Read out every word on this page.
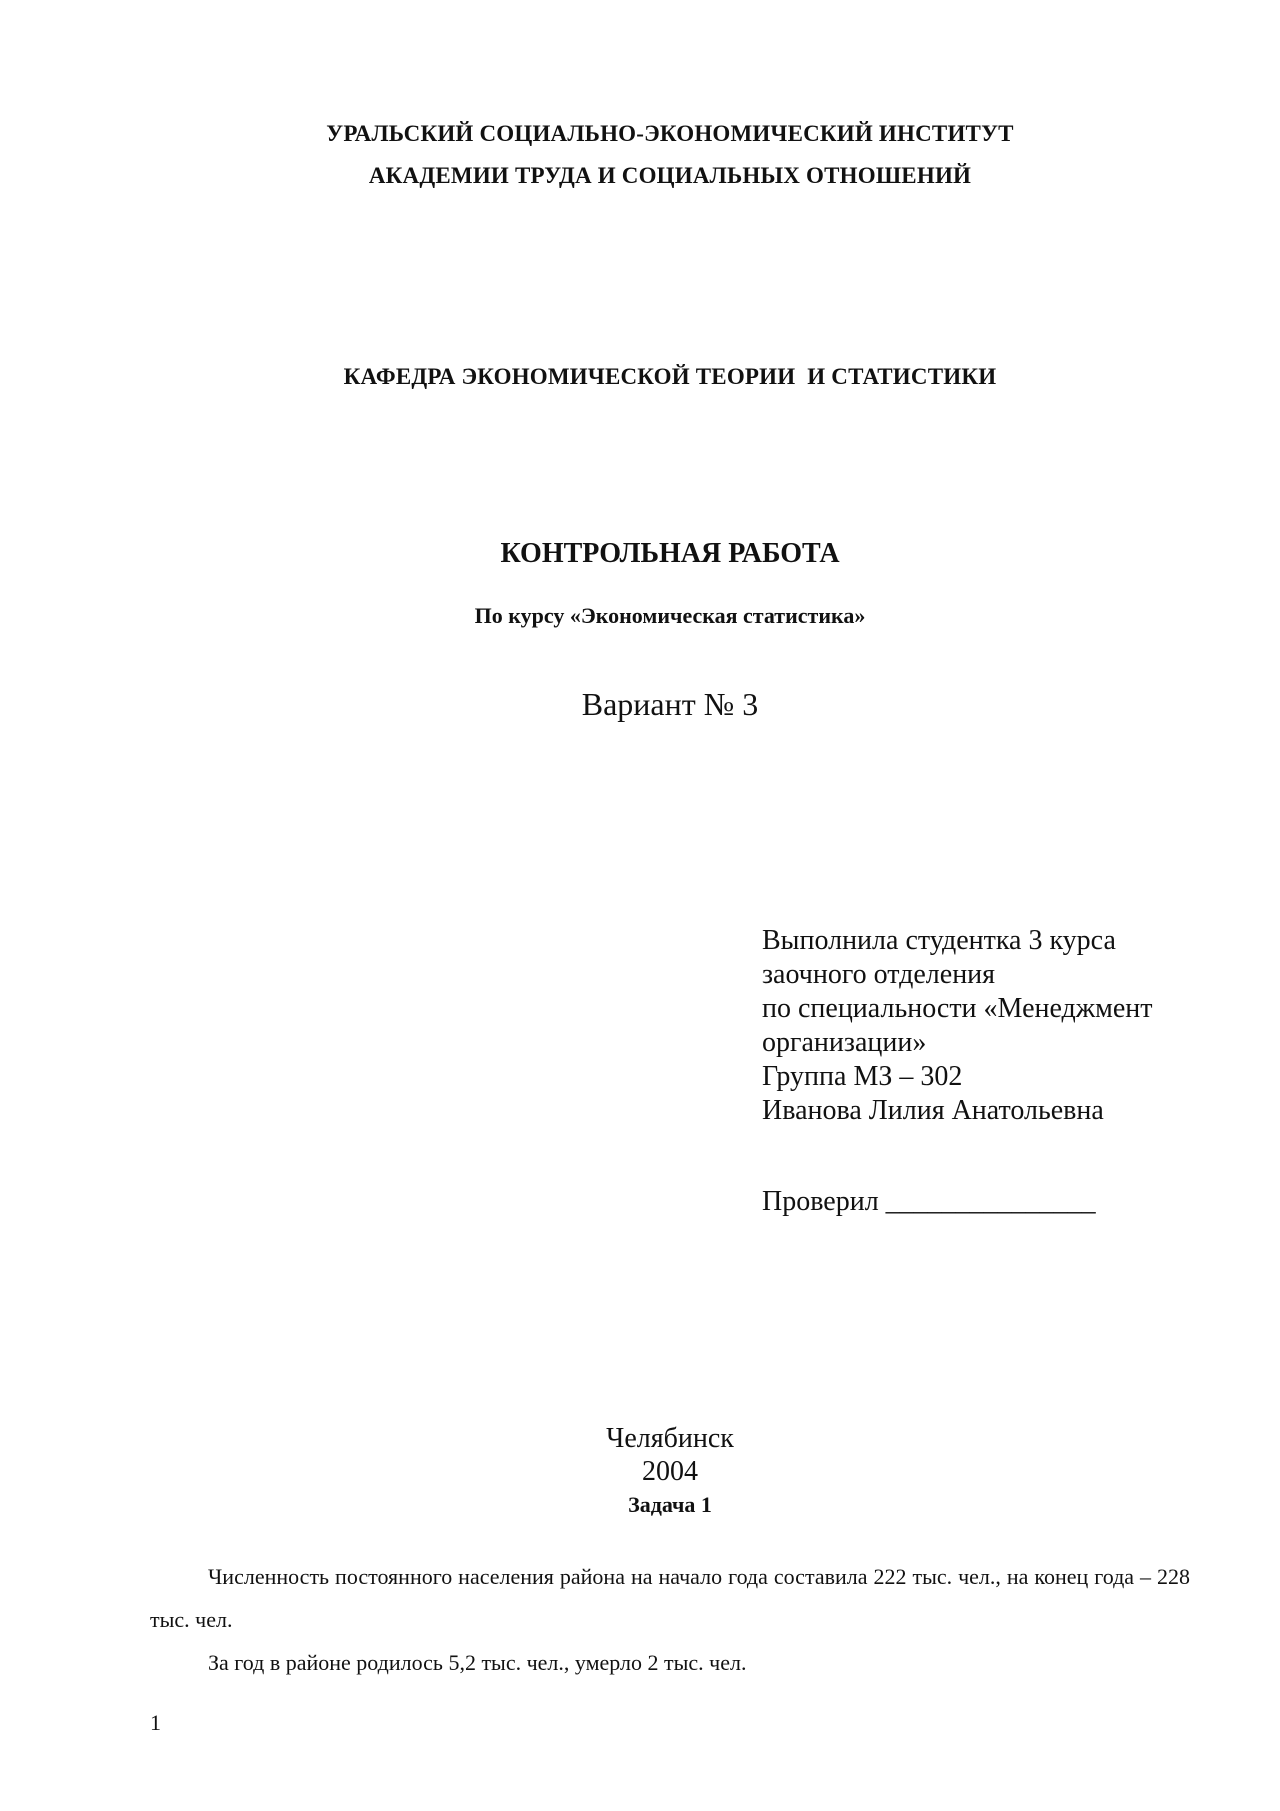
УРАЛЬСКИЙ СОЦИАЛЬНО-ЭКОНОМИЧЕСКИЙ ИНСТИТУТ
АКАДЕМИИ ТРУДА И СОЦИАЛЬНЫХ ОТНОШЕНИЙ
КАФЕДРА ЭКОНОМИЧЕСКОЙ ТЕОРИИ  И СТАТИСТИКИ
КОНТРОЛЬНАЯ РАБОТА
По курсу «Экономическая статистика»
Вариант № 3
Выполнила студентка 3 курса
заочного отделения
по специальности «Менеджмент
организации»
Группа МЗ – 302
Иванова Лилия Анатольевна
Проверил _______________
Челябинск
2004
Задача 1
Численность постоянного населения района на начало года составила 222 тыс. чел., на конец года – 228 тыс. чел.
За год в районе родилось 5,2 тыс. чел., умерло 2 тыс. чел.
1
